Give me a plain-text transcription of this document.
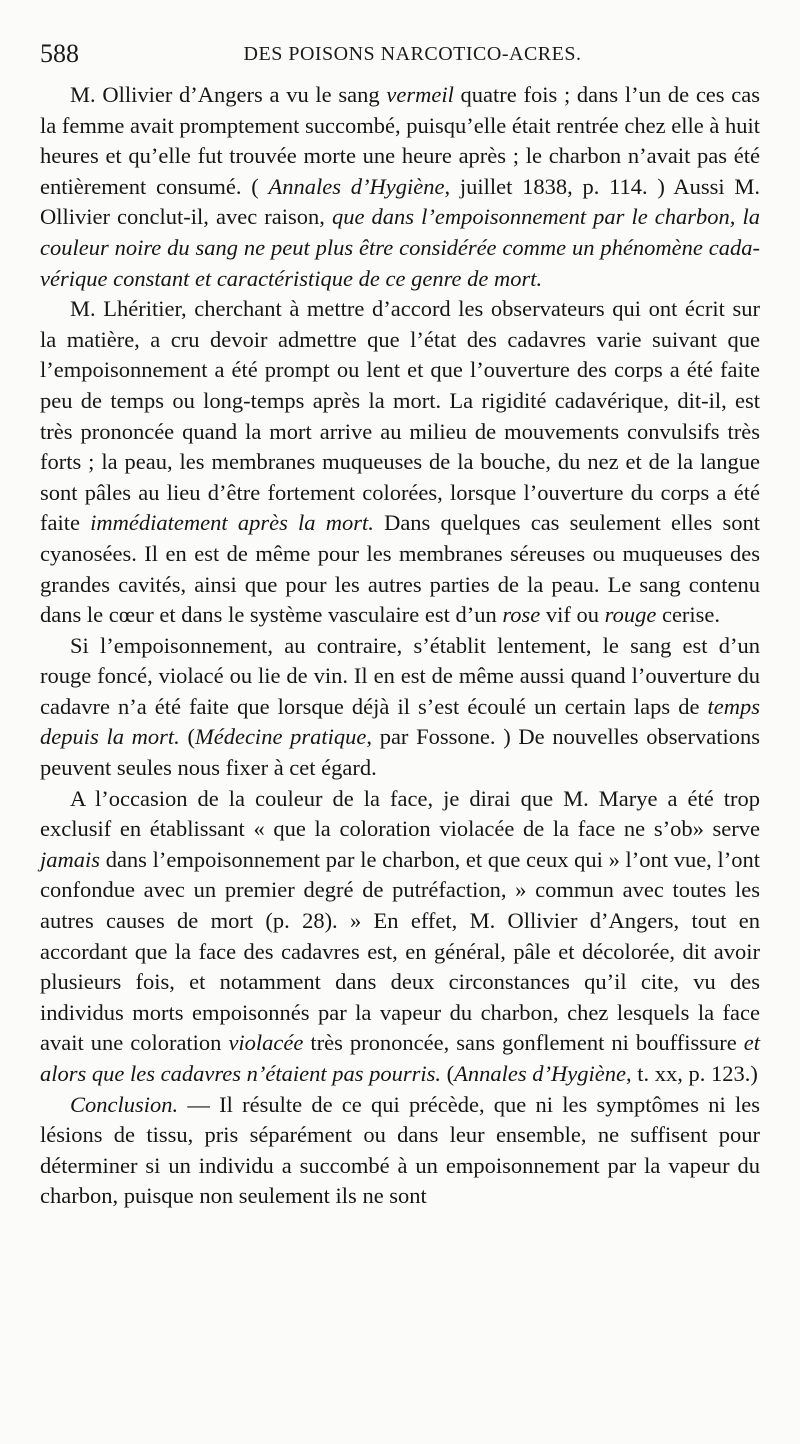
588	DES POISONS NARCOTICO-ACRES.

M. Ollivier d’Angers a vu le sang vermeil quatre fois ; dans l’un de ces cas la femme avait promptement succombé, puisqu’elle était rentrée chez elle à huit heures et qu’elle fut trouvée morte une heure après ; le charbon n’avait pas été entièrement consumé. ( Annales d’Hygiène, juillet 1838, p. 114. ) Aussi M. Ollivier conclut-il, avec raison, que dans l’empoisonnement par le charbon, la couleur noire du sang ne peut plus être considérée comme un phénomène cadavérique constant et caractéristique de ce genre de mort.

M. Lhéritier, cherchant à mettre d’accord les observateurs qui ont écrit sur la matière, a cru devoir admettre que l’état des cadavres varie suivant que l’empoisonnement a été prompt ou lent et que l’ouverture des corps a été faite peu de temps ou long-temps après la mort. La rigidité cadavérique, dit-il, est très prononcée quand la mort arrive au milieu de mouvements convulsifs très forts ; la peau, les membranes muqueuses de la bouche, du nez et de la langue sont pâles au lieu d’être fortement colorées, lorsque l’ouverture du corps a été faite immédiatement après la mort. Dans quelques cas seulement elles sont cyanosées. Il en est de même pour les membranes séreuses ou muqueuses des grandes cavités, ainsi que pour les autres parties de la peau. Le sang contenu dans le cœur et dans le système vasculaire est d’un rose vif ou rouge cerise.

Si l’empoisonnement, au contraire, s’établit lentement, le sang est d’un rouge foncé, violacé ou lie de vin. Il en est de même aussi quand l’ouverture du cadavre n’a été faite que lorsque déjà il s’est écoulé un certain laps de temps depuis la mort. (Médecine pratique, par Fossone. ) De nouvelles observations peuvent seules nous fixer à cet égard.

A l’occasion de la couleur de la face, je dirai que M. Marye a été trop exclusif en établissant « que la coloration violacée de la face ne s’ob» serve jamais dans l’empoisonnement par le charbon, et que ceux qui » l’ont vue, l’ont confondue avec un premier degré de putréfaction, » commun avec toutes les autres causes de mort (p. 28). » En effet, M. Ollivier d’Angers, tout en accordant que la face des cadavres est, en général, pâle et décolorée, dit avoir plusieurs fois, et notamment dans deux circonstances qu’il cite, vu des individus morts empoisonnés par la vapeur du charbon, chez lesquels la face avait une coloration violacée très prononcée, sans gonflement ni bouffissure et alors que les cadavres n’étaient pas pourris. (Annales d’Hygiène, t. xx, p. 123.)

Conclusion. — Il résulte de ce qui précède, que ni les symptômes ni les lésions de tissu, pris séparément ou dans leur ensemble, ne suffisent pour déterminer si un individu a succombé à un empoisonnement par la vapeur du charbon, puisque non seulement ils ne sont
